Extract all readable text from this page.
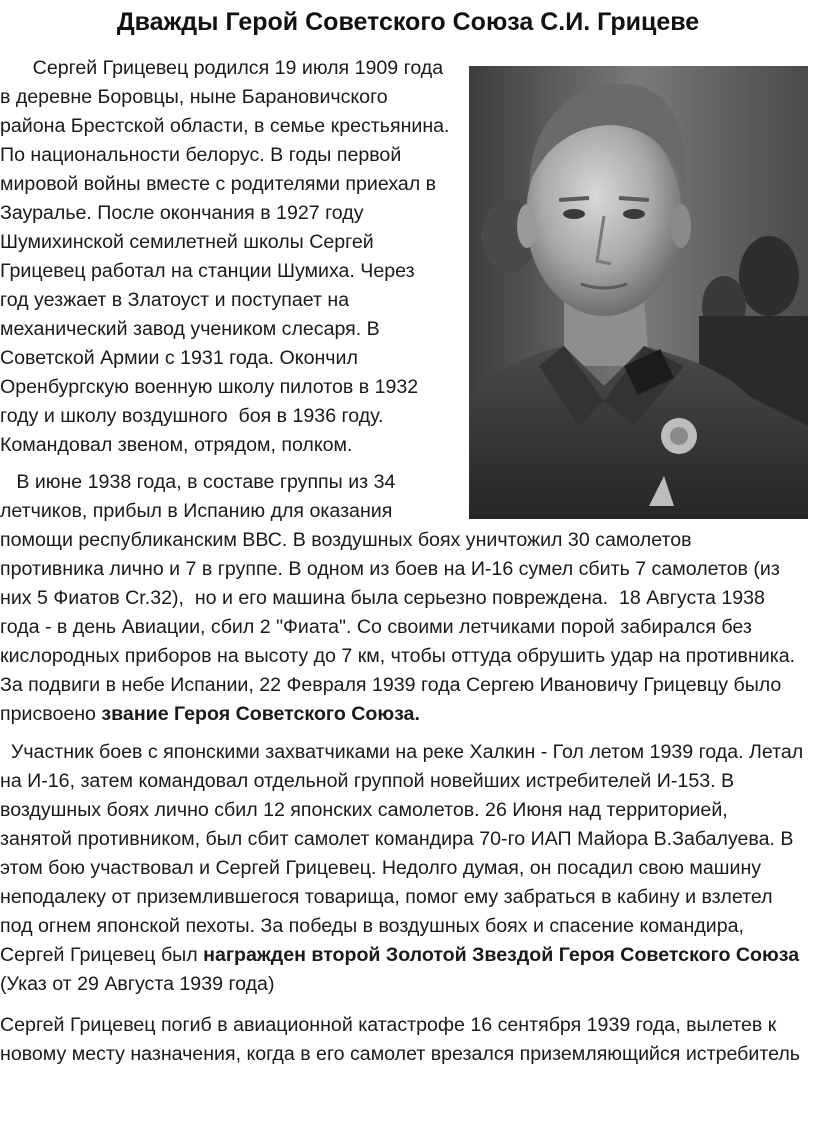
Дважды Герой Советского Союза С.И. Грицеве
Сергей Грицевец родился 19 июля 1909 года
в деревне Боровцы, ныне Барановичского
района Брестской области, в семье крестьянина.
По национальности белорус. В годы первой
мировой войны вместе с родителями приехал в
Зауралье. После окончания в 1927 году
Шумихинской семилетней школы Сергей
Грицевец работал на станции Шумиха. Через
год уезжает в Златоуст и поступает на
механический завод учеником слесаря. В
Советской Армии с 1931 года. Окончил
Оренбургскую военную школу пилотов в 1932
году и школу воздушного  боя в 1936 году.
Командовал звеном, отрядом, полком.
В июне 1938 года, в составе группы из 34
летчиков, прибыл в Испанию для оказания
помощи республиканским ВВС. В воздушных боях уничтожил 30 самолетов
противника лично и 7 в группе. В одном из боев на И-16 сумел сбить 7 самолетов (из
них 5 Фиатов Cr.32),  но и его машина была серьезно повреждена.  18 Августа 1938
года - в день Авиации, сбил 2 "Фиата". Со своими летчиками порой забирался без
кислородных приборов на высоту до 7 км, чтобы оттуда обрушить удар на противника.
За подвиги в небе Испании, 22 Февраля 1939 года Сергею Ивановичу Грицевцу было
присвоено звание Героя Советского Союза.
Участник боев с японскими захватчиками на реке Халкин - Гол летом 1939 года. Летал
на И-16, затем командовал отдельной группой новейших истребителей И-153. В
воздушных боях лично сбил 12 японских самолетов. 26 Июня над территорией,
занятой противником, был сбит самолет командира 70-го ИАП Майора В.Забалуева. В
этом бою участвовал и Сергей Грицевец. Недолго думая, он посадил свою машину
неподалеку от приземлившегося товарища, помог ему забраться в кабину и взлетел
под огнем японской пехоты. За победы в воздушных боях и спасение командира,
Сергей Грицевец был награжден второй Золотой Звездой Героя Советского Союза
(Указ от 29 Августа 1939 года)
Сергей Грицевец погиб в авиационной катастрофе 16 сентября 1939 года, вылетев к
новому месту назначения, когда в его самолет врезался приземляющийся истребитель
